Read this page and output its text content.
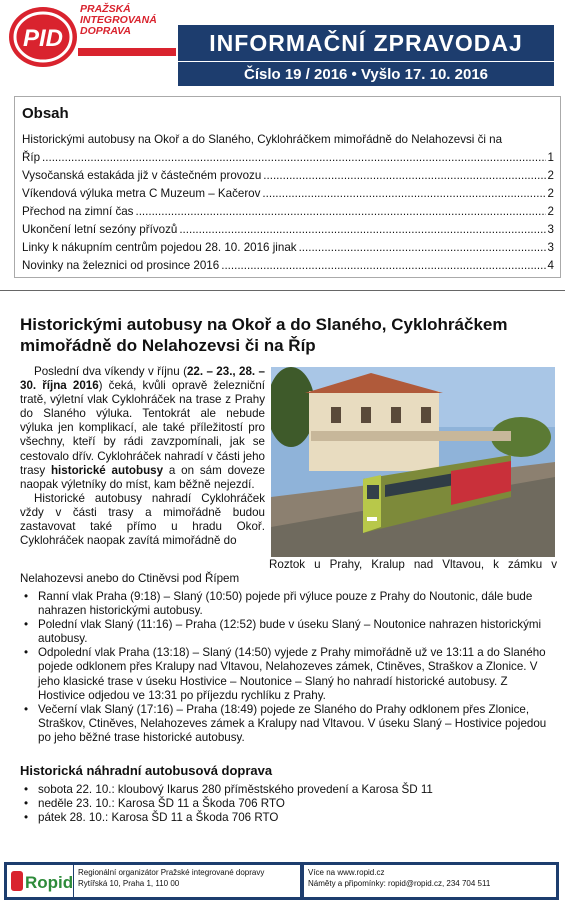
PID
PRAŽSKÁ
INTEGROVANÁ
DOPRAVA	INFORMAČNÍ ZPRAVODAJ
Číslo 19 / 2016 • Vyšlo 17. 10. 2016
Obsah
Historickými autobusy na Okoř a do Slaného, Cyklohráčkem mimořádně do Nelahozevsi či na
Říp .....	1
Vysočanská estakáda již v částečném provozu .....	2
Víkendová výluka metra C Muzeum – Kačerov .....	2
Přechod na zimní čas .....	2
Ukončení letní sezóny přívozů .....	3
Linky k nákupním centrům pojedou 28. 10. 2016 jinak .....	3
Novinky na železnici od prosince 2016 .....	4
Historickými autobusy na Okoř a do Slaného, Cyklohráčkem mimořádně do Nelahozevsi či na Říp

Poslední dva víkendy v říjnu (22. – 23., 28. – 30. října 2016) čeká, kvůli opravě železniční tratě, výletní vlak Cyklohráček na trase z Prahy do Slaného výluka. Tentokrát ale nebude výluka jen komplikací, ale také příležitostí pro všechny, kteří by rádi zavzpomínali, jak se cestovalo dřív. Cyklohráček nahradí v části jeho trasy historické autobusy a on sám doveze naopak výletníky do míst, kam běžně nejezdí.

Historické autobusy nahradí Cyklohráček vždy v části trasy a mimořádně budou zastavovat také přímo u hradu Okoř. Cyklohráček naopak zavítá mimořádně do

Roztok u Prahy, Kralup nad Vltavou, k zámku v Nelahozevsi anebo do Ctiněvsi pod Řípem
• Ranní vlak Praha (9:18) – Slaný (10:50) pojede při výluce pouze z Prahy do Noutonic, dále bude nahrazen historickými autobusy.
• Polední vlak Slaný (11:16) – Praha (12:52) bude v úseku Slaný – Noutonice nahrazen historickými autobusy.
• Odpolední vlak Praha (13:18) – Slaný (14:50) vyjede z Prahy mimořádně už ve 13:11 a do Slaného pojede odklonem přes Kralupy nad Vltavou, Nelahozeves zámek, Ctiněves, Straškov a Zlonice. V jeho klasické trase v úseku Hostivice – Noutonice – Slaný ho nahradí historické autobusy. Z Hostivice odjedou ve 13:31 po příjezdu rychlíku z Prahy.
• Večerní vlak Slaný (17:16) – Praha (18:49) pojede ze Slaného do Prahy odklonem přes Zlonice, Straškov, Ctiněves, Nelahozeves zámek a Kralupy nad Vltavou. V úseku Slaný – Hostivice pojedou po jeho běžné trase historické autobusy.
Historická náhradní autobusová doprava
• sobota 22. 10.: kloubový Ikarus 280 příměstského provedení a Karosa ŠD 11
• neděle 23. 10.: Karosa ŠD 11 a Škoda 706 RTO
• pátek 28. 10.: Karosa ŠD 11 a Škoda 706 RTO
Ropid
Regionální organizátor Pražské integrované dopravy
Rytířská 10, Praha 1, 110 00
Více na www.ropid.cz
Náměty a připomínky: ropid@ropid.cz, 234 704 511
